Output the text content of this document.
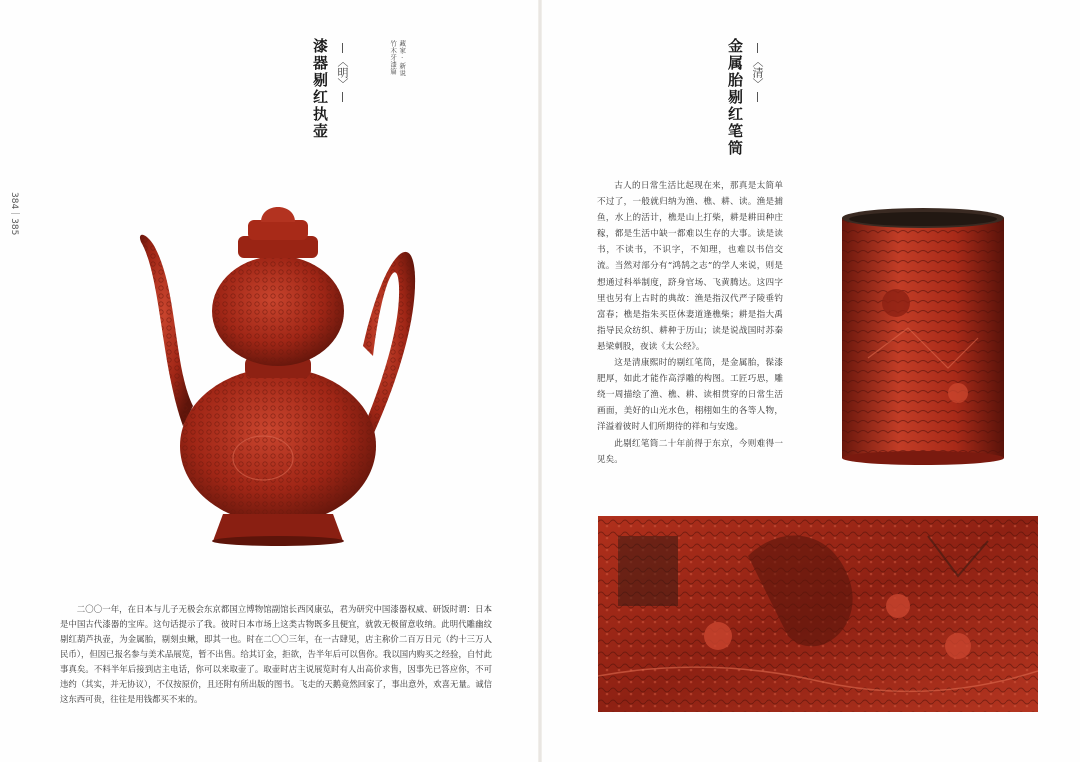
384｜385
漆器剔红执壶 〈明〉
藏家·新说 竹木牙漆篇	金属胎剔红笔筒 〈清〉

二〇〇一年，在日本与儿子无极会东京都国立博物馆副馆长西冈康弘，君为研究中国漆器权威、研饭时谓：日本是中国古代漆器的宝库。这句话提示了我。彼时日本市场上这类古物既多且便宜，就敦无极留意收纳。此明代雕幽纹剔红葫芦执壶，为金属胎，剔刻虫鳅，即其一也。时在二〇〇三年，在一古肆见，店主称价二百万日元（约十三万人民币），但因已报名参与美术品展览，暂不出售。给其订金，拒欲，告半年后可以售你。我以国内购买之经验，自忖此事真矣。不料半年后接到店主电话，你可以来取壶了。取壶时店主说展览时有人出高价求售，因事先已答应你，不可违约（其实，并无协议），不仅按原价，且还附有所出版的图书。飞走的天鹅竟然回家了，事出意外，欢喜无量。诚信这东西可贵，往往是用钱都买不来的。

古人的日常生活比起现在来，那真是太简单不过了，一般就归纳为渔、樵、耕、读。渔是捕鱼，水上的活计，樵是山上打柴，耕是耕田种庄稼，都是生活中缺一都难以生存的大事。读是读书，不读书，不识字，不知理，也难以书信交流。当然对部分有“鸿鹄之志”的学人来说，则是想通过科举制度，跻身官场、飞黄腾达。这四字里也另有上古时的典故：渔是指汉代严子陵垂钓富春；樵是指朱买臣休妻道逢樵柴；耕是指大禹指导民众纺织、耕种于历山；读是说战国时苏秦悬梁刺股，夜读《太公经》。

这是清康熙时的剔红笔筒，是金属胎，髹漆肥厚，如此才能作高浮雕的构图。工匠巧思，雕绕一周描绘了渔、樵、耕、读相贯穿的日常生活画面，美好的山光水色，栩栩如生的各等人物，洋溢着彼时人们所期待的祥和与安逸。

此剔红笔筒二十年前得于东京，今则难得一见矣。
